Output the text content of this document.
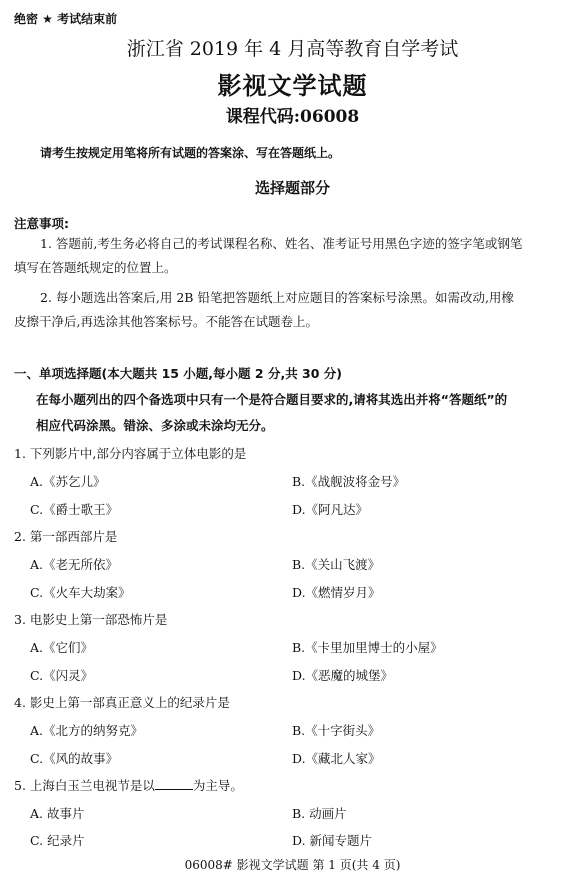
绝密 ★ 考试结束前
浙江省 2019 年 4 月高等教育自学考试
影视文学试题
课程代码:06008
请考生按规定用笔将所有试题的答案涂、写在答题纸上。
选择题部分
注意事项:
1. 答题前,考生务必将自己的考试课程名称、姓名、准考证号用黑色字迹的签字笔或钢笔
填写在答题纸规定的位置上。
2. 每小题选出答案后,用 2B 铅笔把答题纸上对应题目的答案标号涂黑。如需改动,用橡
皮擦干净后,再选涂其他答案标号。不能答在试题卷上。
一、单项选择题(本大题共 15 小题,每小题 2 分,共 30 分)
在每小题列出的四个备选项中只有一个是符合题目要求的,请将其选出并将“答题纸”的
相应代码涂黑。错涂、多涂或未涂均无分。
1. 下列影片中,部分内容属于立体电影的是
A.《苏乞儿》	B.《战舰波将金号》
C.《爵士歌王》	D.《阿凡达》
2. 第一部西部片是
A.《老无所依》	B.《关山飞渡》
C.《火车大劫案》	D.《燃情岁月》
3. 电影史上第一部恐怖片是
A.《它们》	B.《卡里加里博士的小屋》
C.《闪灵》	D.《恶魔的城堡》
4. 影史上第一部真正意义上的纪录片是
A.《北方的纳努克》	B.《十字街头》
C.《风的故事》	D.《藏北人家》
5. 上海白玉兰电视节是以	为主导。
A. 故事片	B. 动画片
C. 纪录片	D. 新闻专题片
06008# 影视文学试题 第 1 页(共 4 页)
